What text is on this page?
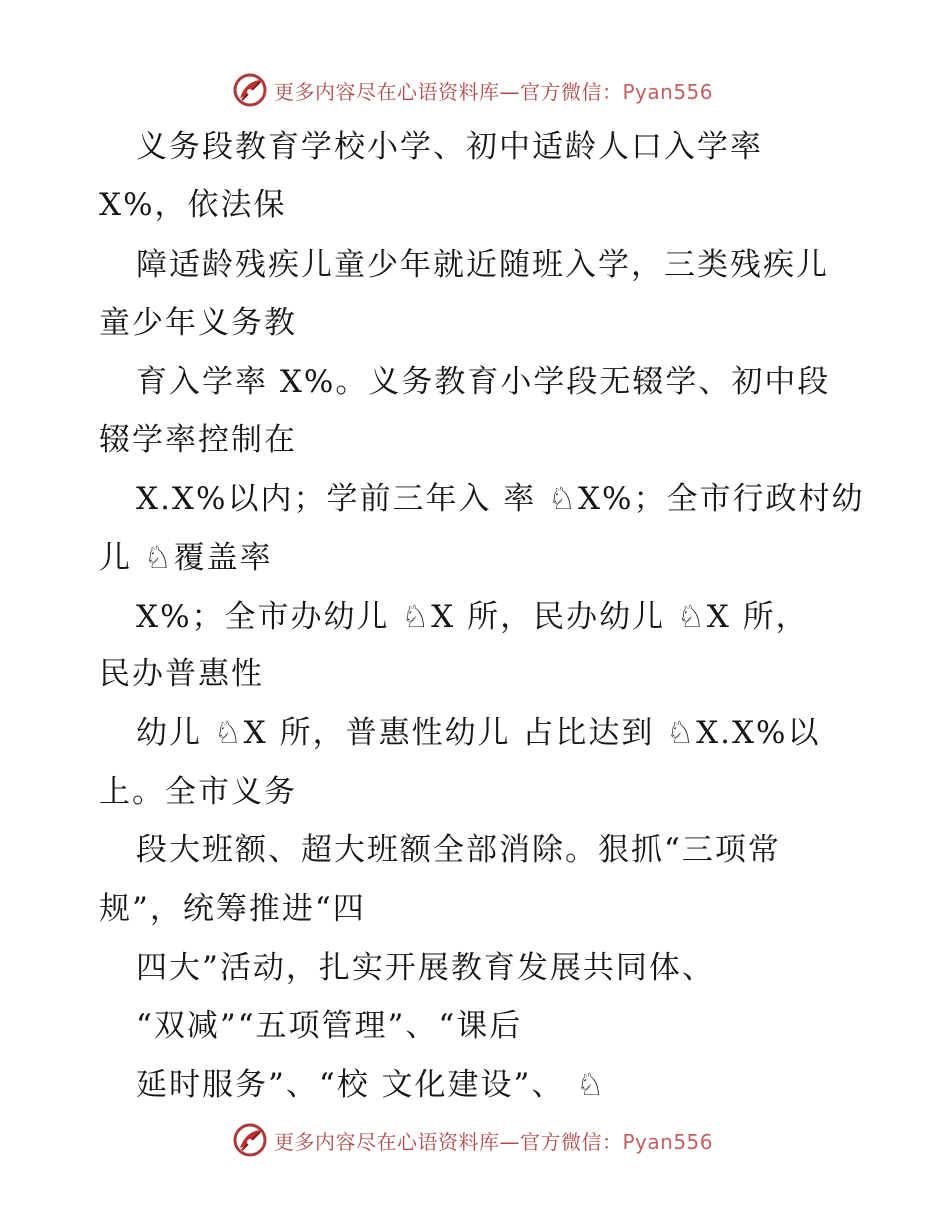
更多内容尽在心语资料库—官方微信：Pyan556
义务段教育学校小学、初中适龄人口入学率
X%，依法保
障适龄残疾儿童少年就近随班入学，三类残疾儿
童少年义务教
育入学率 X%。义务教育小学段无辍学、初中段
辍学率控制在
X.X%以内；学前三年入 率 ♘X%；全市行政村幼
儿 ♘覆盖率
X%；全市办幼儿 ♘X 所，民办幼儿 ♘X 所，
民办普惠性
幼儿 ♘X 所，普惠性幼儿 占比达到 ♘X.X%以
上。全市义务
段大班额、超大班额全部消除。狠抓“三项常
规”，统筹推进“四
四大”活动，扎实开展教育发展共同体、
“双减”“五项管理”、“课后
延时服务”、“校 文化建设”、 ♘
更多内容尽在心语资料库—官方微信：Pyan556
